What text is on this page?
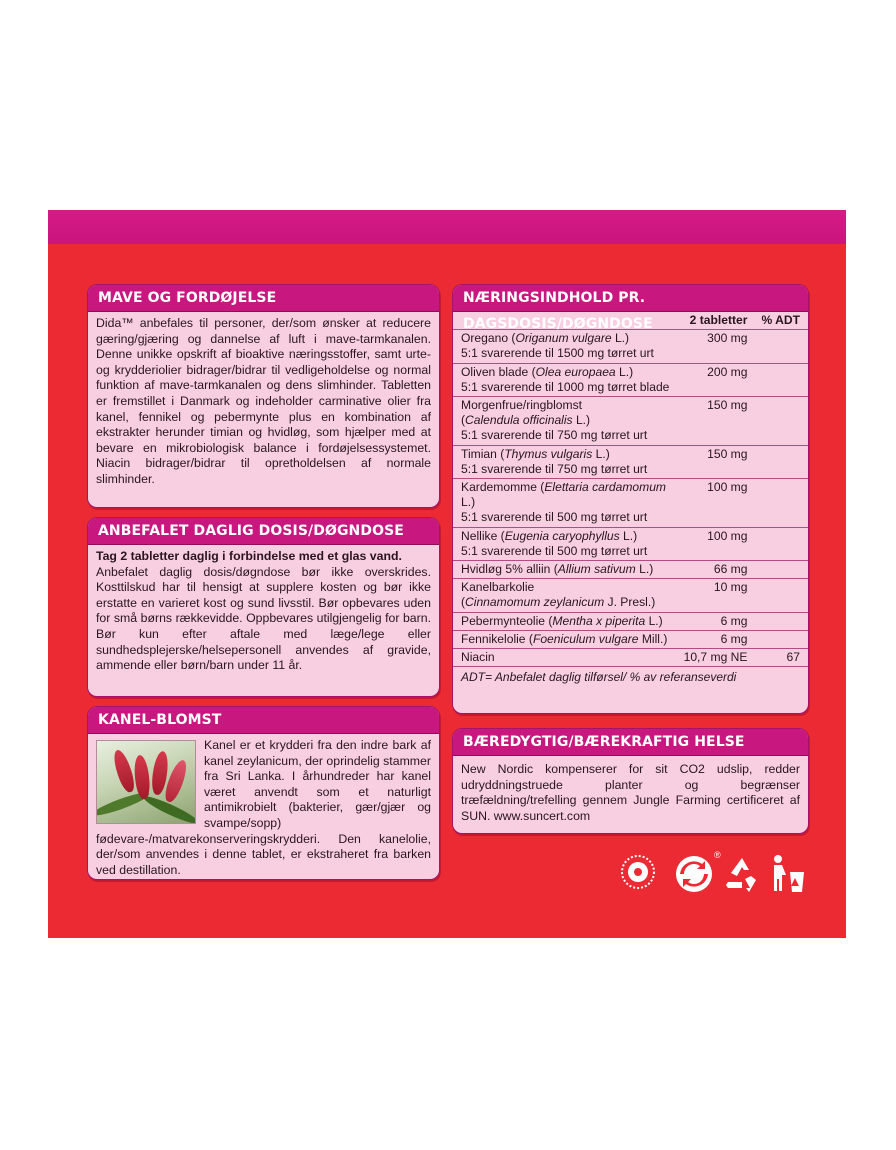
MAVE OG FORDØJELSE
Dida™ anbefales til personer, der/som ønsker at reducere gæring/gjæring og dannelse af luft i mave-tarmkanalen. Denne unikke opskrift af bioaktive næringsstoffer, samt urte-og krydderiolier bidrager/bidrar til vedligeholdelse og normal funktion af mave-tarmkanalen og dens slimhinder. Tabletten er fremstillet i Danmark og indeholder carminative olier fra kanel, fennikel og pebermynte plus en kombination af ekstrakter herunder timian og hvidløg, som hjælper med at bevare en mikrobiologisk balance i fordøjelsessystemet. Niacin bidrager/bidrar til opretholdelsen af normale slimhinder.
ANBEFALET DAGLIG DOSIS/DØGNDOSE
Tag 2 tabletter daglig i forbindelse med et glas vand.
Anbefalet daglig dosis/døgndose bør ikke overskrides. Kosttilskud har til hensigt at supplere kosten og bør ikke erstatte en varieret kost og sund livsstil. Bør opbevares uden for små børns rækkevidde. Oppbevares utilgjengelig for barn. Bør kun efter aftale med læge/lege eller sundhedsplejerske/helsepersonell anvendes af gravide, ammende eller børn/barn under 11 år.
KANEL-BLOMST
Kanel er et krydderi fra den indre bark af kanel zeylanicum, der oprindelig stammer fra Sri Lanka. I århundreder har kanel været anvendt som et naturligt antimikrobielt (bakterier, gær/gjær og svampe/sopp) fødevare-/matvarekonserveringskrydderi. Den kanelolie, der/som anvendes i denne tablet, er ekstraheret fra barken ved destillation.
NÆRINGSINDHOLD PR. DAGSDOSIS/DØGNDOSE
		2 tabletter	% ADT

Oregano (Origanum vulgare L.)
5:1 svarerende til 1500 mg tørret urt	300 mg	

Oliven blade (Olea europaea L.)
5:1 svarerende til 1000 mg tørret blade	200 mg	

Morgenfrue/ringblomst
(Calendula officinalis L.)
5:1 svarerende til 750 mg tørret urt	150 mg	

Timian (Thymus vulgaris L.)
5:1 svarerende til 750 mg tørret urt	150 mg	

Kardemomme (Elettaria cardamomum L.)
5:1 svarerende til 500 mg tørret urt	100 mg	

Nellike (Eugenia caryophyllus L.)
5:1 svarerende til 500 mg tørret urt	100 mg	

Hvidløg 5% alliin (Allium sativum L.)	66 mg	

Kanelbarkolie
(Cinnamomum zeylanicum J. Presl.)	10 mg	

Pebermynteolie (Mentha x piperita L.)	6 mg	

Fennikelolie (Foeniculum vulgare Mill.)	6 mg	

Niacin	10,7 mg NE	67
ADT= Anbefalet daglig tilførsel/ % av referanseverdi
BÆREDYGTIG/BÆREKRAFTIG HELSE
New Nordic kompenserer for sit CO2 udslip, redder udryddningstruede planter og begrænser træfældning/trefelling gennem Jungle Farming certificeret af SUN. www.suncert.com
®
